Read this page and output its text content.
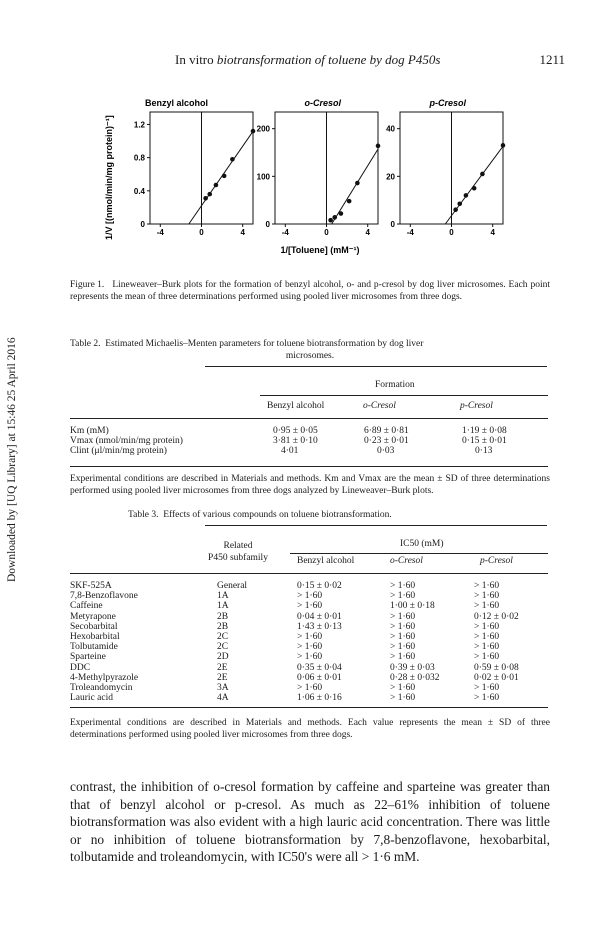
In vitro biotransformation of toluene by dog P450s	1211
Downloaded by [UQ Library] at 15:46 25 April 2016
Benzyl alcohol
0
0.4
0.8
1.2
-4	0	4
o-Cresol
0
100
200
-4	0	4
p-Cresol
0
20
40
-4	0	4
1/V [(nmol/min/mg protein)⁻¹]
1/[Toluene] (mM⁻¹)
Figure 1. Lineweaver–Burk plots for the formation of benzyl alcohol, o- and p-cresol by dog liver microsomes. Each point represents the mean of three determinations performed using pooled liver microsomes from three dogs.
Table 2. Estimated Michaelis–Menten parameters for toluene biotransformation by dog liver
microsomes.
Formation
Benzyl alcohol	o-Cresol	p-Cresol
Km (mM)	0·95 ± 0·05	6·89 ± 0·81	1·19 ± 0·08
Vmax (nmol/min/mg protein)	3·81 ± 0·10	0·23 ± 0·01	0·15 ± 0·01
Clint (μl/min/mg protein)	4·01	0·03	0·13
Experimental conditions are described in Materials and methods. Km and Vmax are the mean ± SD of three determinations performed using pooled liver microsomes from three dogs analyzed by Lineweaver–Burk plots.
Table 3. Effects of various compounds on toluene biotransformation.
Related
P450 subfamily
IC50 (mM)
Benzyl alcohol	o-Cresol	p-Cresol
SKF-525A	General	0·15 ± 0·02	> 1·60	> 1·60
7,8-Benzoflavone	1A	> 1·60	> 1·60	> 1·60
Caffeine	1A	> 1·60	1·00 ± 0·18	> 1·60
Metyrapone	2B	0·04 ± 0·01	> 1·60	0·12 ± 0·02
Secobarbital	2B	1·43 ± 0·13	> 1·60	> 1·60
Hexobarbital	2C	> 1·60	> 1·60	> 1·60
Tolbutamide	2C	> 1·60	> 1·60	> 1·60
Sparteine	2D	> 1·60	> 1·60	> 1·60
DDC	2E	0·35 ± 0·04	0·39 ± 0·03	0·59 ± 0·08
4-Methylpyrazole	2E	0·06 ± 0·01	0·28 ± 0·032	0·02 ± 0·01
Troleandomycin	3A	> 1·60	> 1·60	> 1·60
Lauric acid	4A	1·06 ± 0·16	> 1·60	> 1·60
Experimental conditions are described in Materials and methods. Each value represents the mean ± SD of three determinations performed using pooled liver microsomes from three dogs.
contrast, the inhibition of o-cresol formation by caffeine and sparteine was greater than that of benzyl alcohol or p-cresol. As much as 22–61% inhibition of toluene biotransformation was also evident with a high lauric acid concentration. There was little or no inhibition of toluene biotransformation by 7,8-benzoflavone, hexobarbital, tolbutamide and troleandomycin, with IC50's were all > 1·6 mM.
